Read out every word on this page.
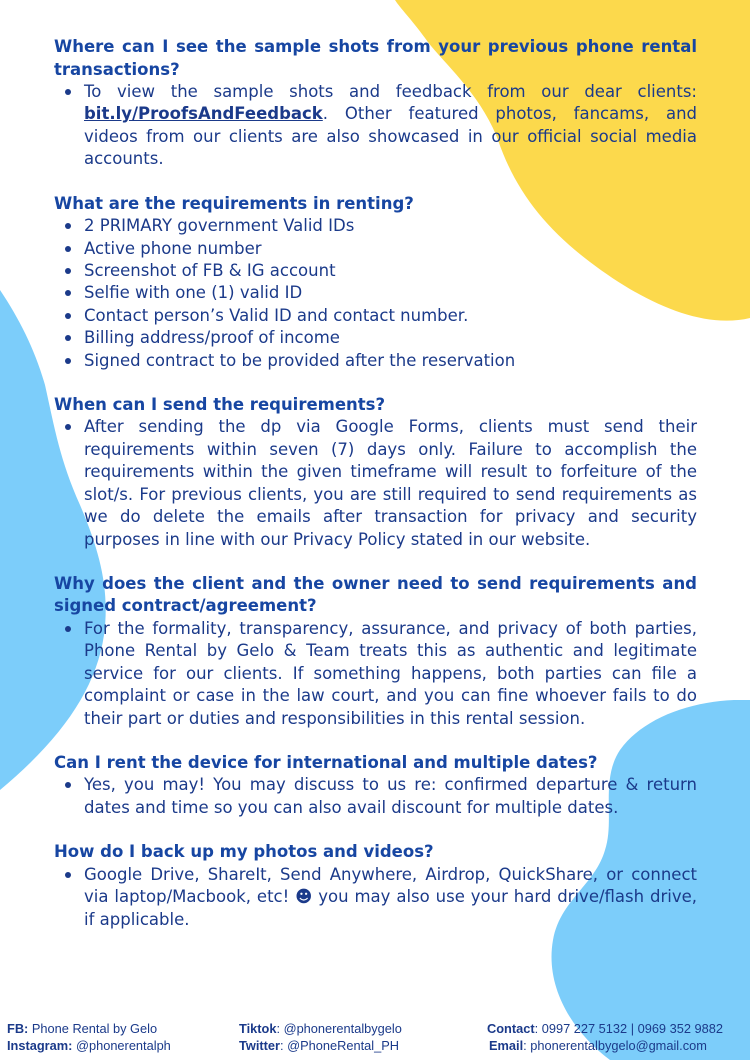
Where can I see the sample shots from your previous phone rental transactions?

To view the sample shots and feedback from our dear clients: bit.ly/ProofsAndFeedback. Other featured photos, fancams, and videos from our clients are also showcased in our official social media accounts.

What are the requirements in renting?

2 PRIMARY government Valid IDs
Active phone number
Screenshot of FB & IG account
Selfie with one (1) valid ID
Contact person’s Valid ID and contact number.
Billing address/proof of income
Signed contract to be provided after the reservation

When can I send the requirements?

After sending the dp via Google Forms, clients must send their requirements within seven (7) days only. Failure to accomplish the requirements within the given timeframe will result to forfeiture of the slot/s. For previous clients, you are still required to send requirements as we do delete the emails after transaction for privacy and security purposes in line with our Privacy Policy stated in our website.

Why does the client and the owner need to send requirements and signed contract/agreement?

For the formality, transparency, assurance, and privacy of both parties, Phone Rental by Gelo & Team treats this as authentic and legitimate service for our clients. If something happens, both parties can file a complaint or case in the law court, and you can fine whoever fails to do their part or duties and responsibilities in this rental session.

Can I rent the device for international and multiple dates?

Yes, you may! You may discuss to us re: confirmed departure & return dates and time so you can also avail discount for multiple dates.

How do I back up my photos and videos?

Google Drive, ShareIt, Send Anywhere, Airdrop, QuickShare, or connect via laptop/Macbook, etc! ☻ you may also use your hard drive/flash drive, if applicable.
FB: Phone Rental by Gelo
Instagram: @phonerentalph
Tiktok: @phonerentalbygelo
Twitter: @PhoneRental_PH
Contact: 0997 227 5132 | 0969 352 9882
Email: phonerentalbygelo@gmail.com
